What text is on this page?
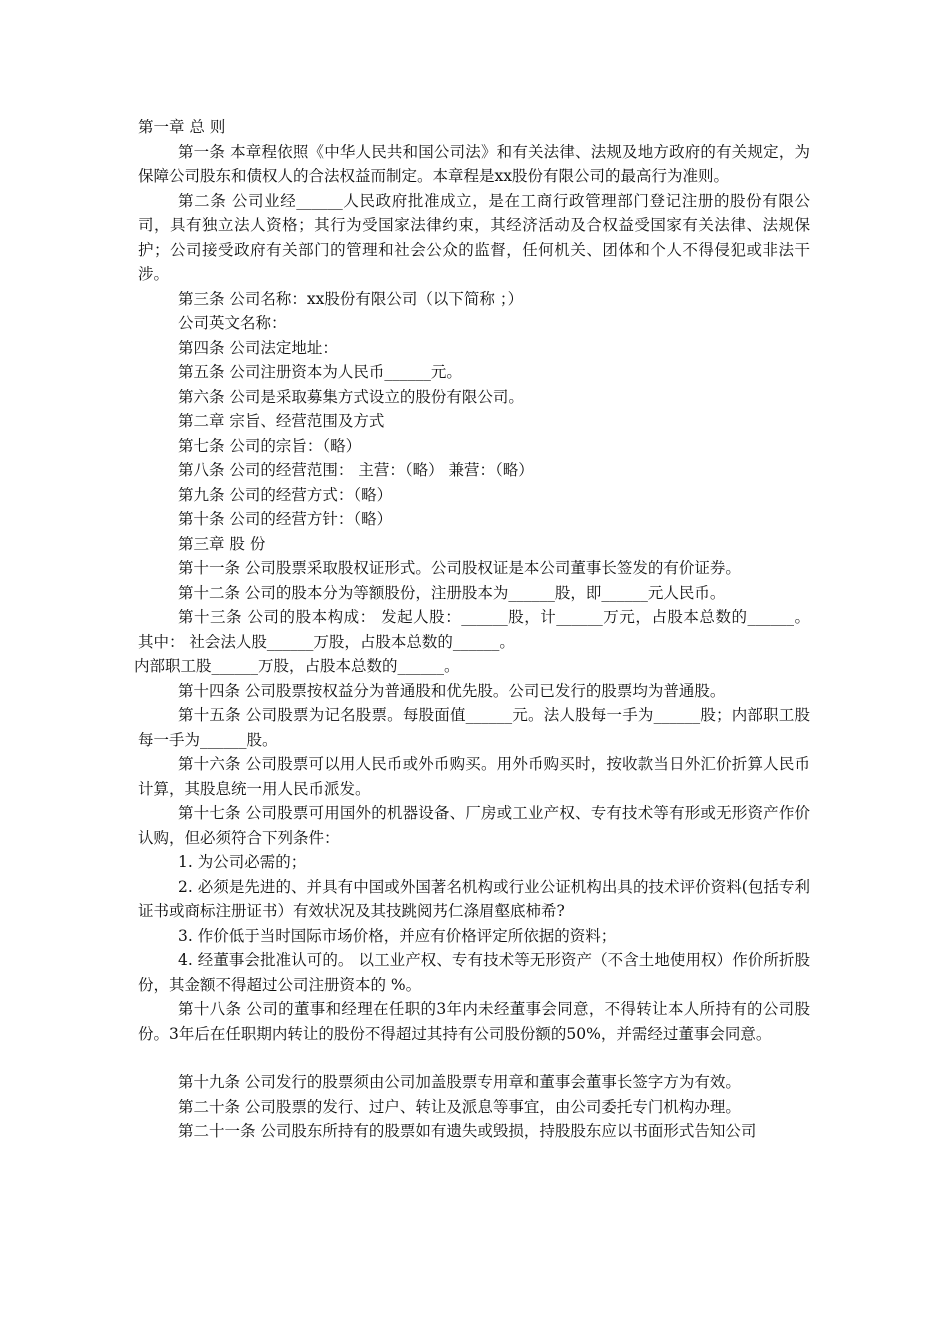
第一章 总 则

第一条 本章程依照《中华人民共和国公司法》和有关法律、法规及地方政府的有关规定，为保障公司股东和债权人的合法权益而制定。本章程是xx股份有限公司的最高行为准则。

第二条 公司业经______人民政府批准成立，是在工商行政管理部门登记注册的股份有限公司，具有独立法人资格；其行为受国家法律约束，其经济活动及合权益受国家有关法律、法规保护；公司接受政府有关部门的管理和社会公众的监督，任何机关、团体和个人不得侵犯或非法干涉。

第三条 公司名称：xx股份有限公司（以下简称 ；）

公司英文名称：

第四条 公司法定地址：

第五条 公司注册资本为人民币______元。

第六条 公司是采取募集方式设立的股份有限公司。

第二章 宗旨、经营范围及方式

第七条 公司的宗旨：（略）

第八条 公司的经营范围： 主营：（略） 兼营：（略）

第九条 公司的经营方式：（略）

第十条 公司的经营方针：（略）

第三章 股 份

第十一条 公司股票采取股权证形式。公司股权证是本公司董事长签发的有价证券。

第十二条 公司的股本分为等额股份，注册股本为______股，即______元人民币。

第十三条 公司的股本构成： 发起人股：______股，计______万元，占股本总数的______。 其中： 社会法人股______万股，占股本总数的______。

内部职工股______万股，占股本总数的______。

第十四条 公司股票按权益分为普通股和优先股。公司已发行的股票均为普通股。

第十五条 公司股票为记名股票。每股面值______元。法人股每一手为______股；内部职工股每一手为______股。

第十六条 公司股票可以用人民币或外币购买。用外币购买时，按收款当日外汇价折算人民币计算，其股息统一用人民币派发。

第十七条 公司股票可用国外的机器设备、厂房或工业产权、专有技术等有形或无形资产作价认购，但必须符合下列条件：

1. 为公司必需的；

2. 必须是先进的、并具有中国或外国著名机构或行业公证机构出具的技术评价资料(包括专利证书或商标注册证书）有效状况及其技跳阅艿仁涤眉壑底柿希?

3. 作价低于当时国际市场价格，并应有价格评定所依据的资料；

4. 经董事会批准认可的。 以工业产权、专有技术等无形资产（不含土地使用权）作价所折股份，其金额不得超过公司注册资本的 %。

第十八条 公司的董事和经理在任职的3年内未经董事会同意，不得转让本人所持有的公司股份。3年后在任职期内转让的股份不得超过其持有公司股份额的50%，并需经过董事会同意。

第十九条 公司发行的股票须由公司加盖股票专用章和董事会董事长签字方为有效。

第二十条 公司股票的发行、过户、转让及派息等事宜，由公司委托专门机构办理。

第二十一条 公司股东所持有的股票如有遗失或毁损，持股股东应以书面形式告知公司
